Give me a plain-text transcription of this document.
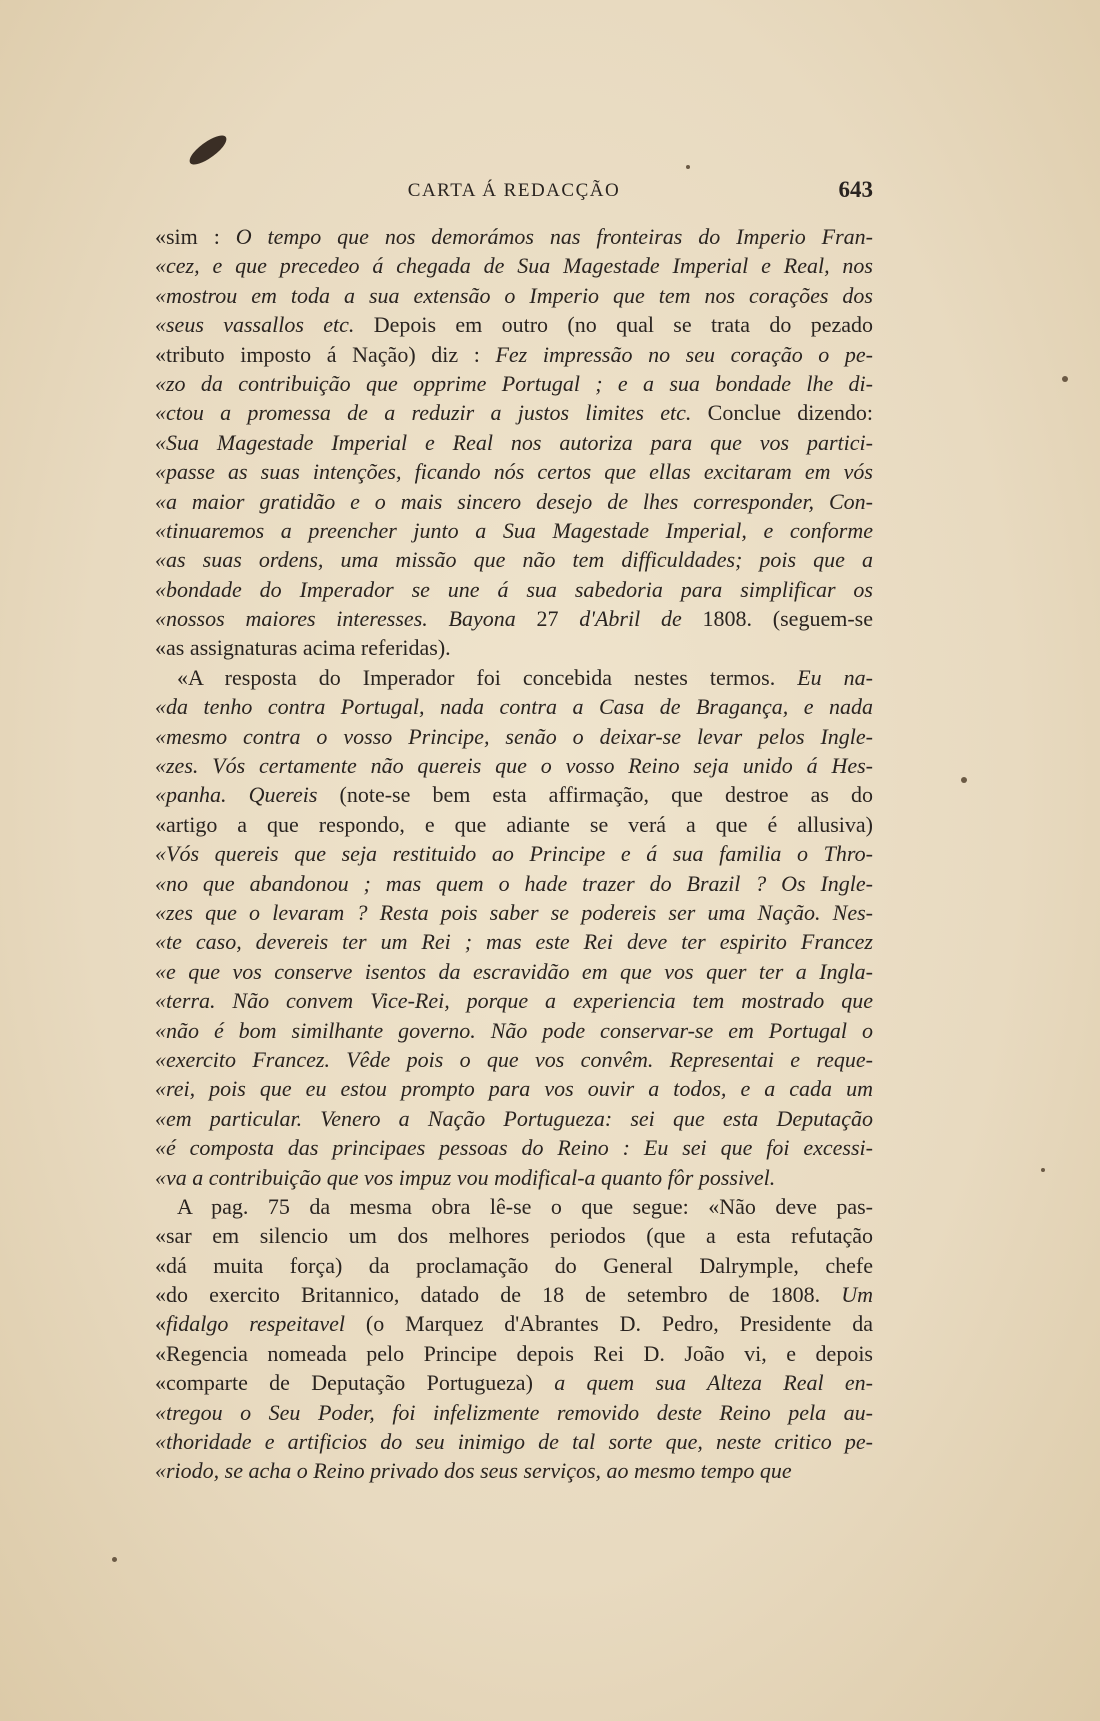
CARTA Á REDACÇÃO	643
«sim : O tempo que nos demorámos nas fronteiras do Imperio Fran-
«cez, e que precedeo á chegada de Sua Magestade Imperial e Real, nos
«mostrou em toda a sua extensão o Imperio que tem nos corações dos
«seus vassallos etc. Depois em outro (no qual se trata do pezado
«tributo imposto á Nação) diz : Fez impressão no seu coração o pe-
«zo da contribuição que opprime Portugal ; e a sua bondade lhe di-
«ctou a promessa de a reduzir a justos limites etc. Conclue dizendo:
«Sua Magestade Imperial e Real nos autoriza para que vos partici-
«passe as suas intenções, ficando nós certos que ellas excitaram em vós
«a maior gratidão e o mais sincero desejo de lhes corresponder, Con-
«tinuaremos a preencher junto a Sua Magestade Imperial, e conforme
«as suas ordens, uma missão que não tem difficuldades; pois que a
«bondade do Imperador se une á sua sabedoria para simplificar os
«nossos maiores interesses. Bayona 27 d'Abril de 1808. (seguem-se
«as assignaturas acima referidas).
«A resposta do Imperador foi concebida nestes termos. Eu na-
«da tenho contra Portugal, nada contra a Casa de Bragança, e nada
«mesmo contra o vosso Principe, senão o deixar-se levar pelos Ingle-
«zes. Vós certamente não quereis que o vosso Reino seja unido á Hes-
«panha. Quereis (note-se bem esta affirmação, que destroe as do
«artigo a que respondo, e que adiante se verá a que é allusiva)
«Vós quereis que seja restituido ao Principe e á sua familia o Thro-
«no que abandonou ; mas quem o hade trazer do Brazil ? Os Ingle-
«zes que o levaram ? Resta pois saber se podereis ser uma Nação. Nes-
«te caso, devereis ter um Rei ; mas este Rei deve ter espirito Francez
«e que vos conserve isentos da escravidão em que vos quer ter a Ingla-
«terra. Não convem Vice-Rei, porque a experiencia tem mostrado que
«não é bom similhante governo. Não pode conservar-se em Portugal o
«exercito Francez. Vêde pois o que vos convêm. Representai e reque-
«rei, pois que eu estou prompto para vos ouvir a todos, e a cada um
«em particular. Venero a Nação Portugueza: sei que esta Deputação
«é composta das principaes pessoas do Reino : Eu sei que foi excessi-
«va a contribuição que vos impuz vou modifical-a quanto fôr possivel.
A pag. 75 da mesma obra lê-se o que segue: «Não deve pas-
«sar em silencio um dos melhores periodos (que a esta refutação
«dá muita força) da proclamação do General Dalrymple, chefe
«do exercito Britannico, datado de 18 de setembro de 1808. Um
«fidalgo respeitavel (o Marquez d'Abrantes D. Pedro, Presidente da
«Regencia nomeada pelo Principe depois Rei D. João vi, e depois
«comparte de Deputação Portugueza) a quem sua Alteza Real en-
«tregou o Seu Poder, foi infelizmente removido deste Reino pela au-
«thoridade e artificios do seu inimigo de tal sorte que, neste critico pe-
«riodo, se acha o Reino privado dos seus serviços, ao mesmo tempo que
